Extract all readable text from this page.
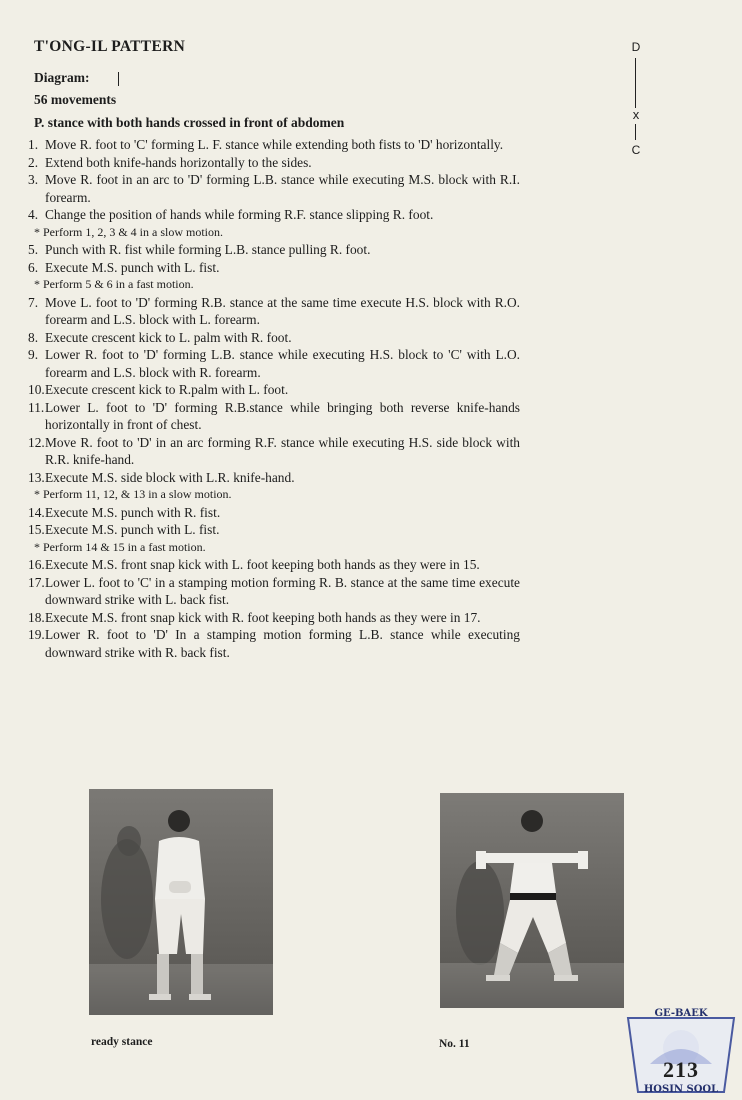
T'ONG-IL PATTERN
Diagram:
56 movements
P. stance with both hands crossed in front of abdomen
D
x
C
1. Move R. foot to 'C' forming L. F. stance while extending both fists to 'D' horizontally.
2. Extend both knife-hands horizontally to the sides.
3. Move R. foot in an arc to 'D' forming L.B. stance while executing M.S. block with R.I. forearm.
4. Change the position of hands while forming R.F. stance slipping R. foot.
* Perform 1, 2, 3 & 4 in a slow motion.
5. Punch with R. fist while forming L.B. stance pulling R. foot.
6. Execute M.S. punch with L. fist.
* Perform 5 & 6 in a fast motion.
7. Move L. foot to 'D' forming R.B. stance at the same time execute H.S. block with R.O. forearm and L.S. block with L. forearm.
8. Execute crescent kick to L. palm with R. foot.
9. Lower R. foot to 'D' forming L.B. stance while executing H.S. block to 'C' with L.O. forearm and L.S. block with R. forearm.
10. Execute crescent kick to R.palm with L. foot.
11. Lower L. foot to 'D' forming R.B.stance while bringing both reverse knife-hands horizontally in front of chest.
12. Move R. foot to 'D' in an arc forming R.F. stance while executing H.S. side block with R.R. knife-hand.
13. Execute M.S. side block with L.R. knife-hand.
* Perform 11, 12, & 13 in a slow motion.
14. Execute M.S. punch with R. fist.
15. Execute M.S. punch with L. fist.
* Perform 14 & 15 in a fast motion.
16. Execute M.S. front snap kick with L. foot keeping both hands as they were in 15.
17. Lower L. foot to 'C' in a stamping motion forming R. B. stance at the same time execute downward strike with L. back fist.
18. Execute M.S. front snap kick with R. foot keeping both hands as they were in 17.
19. Lower R. foot to 'D' In a stamping motion forming L.B. stance while executing downward strike with R. back fist.
ready stance	No. 11
GE-BAEK
213
HOSIN SOOL
